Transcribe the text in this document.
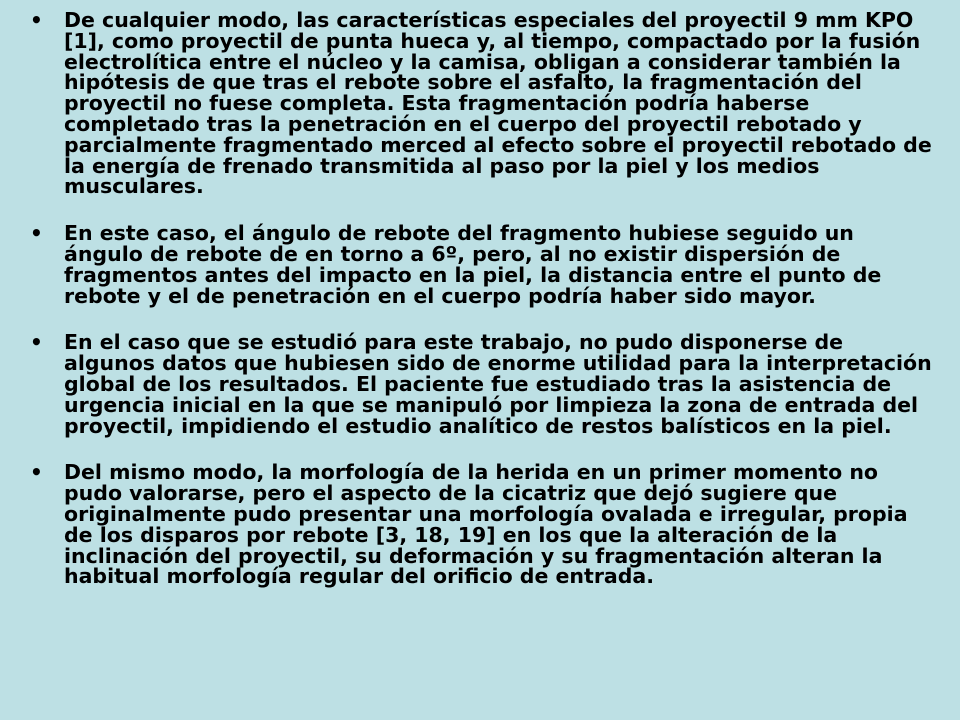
•	De cualquier modo, las características especiales del proyectil 9 mm KPO [1], como proyectil de punta hueca y, al tiempo, compactado por la fusión electrolítica entre el núcleo y la camisa, obligan a considerar también la hipótesis de que tras el rebote sobre el asfalto, la fragmentación del proyectil no fuese completa. Esta fragmentación podría haberse completado tras la penetración en el cuerpo del proyectil rebotado y parcialmente fragmentado merced al efecto sobre el proyectil rebotado de la energía de frenado transmitida al paso por la piel y los medios musculares.
•	En este caso, el ángulo de rebote del fragmento hubiese seguido un ángulo de rebote de en torno a 6º, pero, al no existir dispersión de fragmentos antes del impacto en la piel, la distancia entre el punto de rebote y el de penetración en el cuerpo podría haber sido mayor.
•	En el caso que se estudió para este trabajo, no pudo disponerse de algunos datos que hubiesen sido de enorme utilidad para la interpretación global de los resultados. El paciente fue estudiado tras la asistencia de urgencia inicial en la que se manipuló por limpieza la zona de entrada del proyectil, impidiendo el estudio analítico de restos balísticos en la piel.
•	Del mismo modo, la morfología de la herida en un primer momento no pudo valorarse, pero el aspecto de la cicatriz que dejó sugiere que originalmente pudo presentar una morfología ovalada e irregular, propia de los disparos por rebote [3, 18, 19] en los que la alteración de la inclinación del proyectil, su deformación y su fragmentación alteran la habitual morfología regular del orificio de entrada.
